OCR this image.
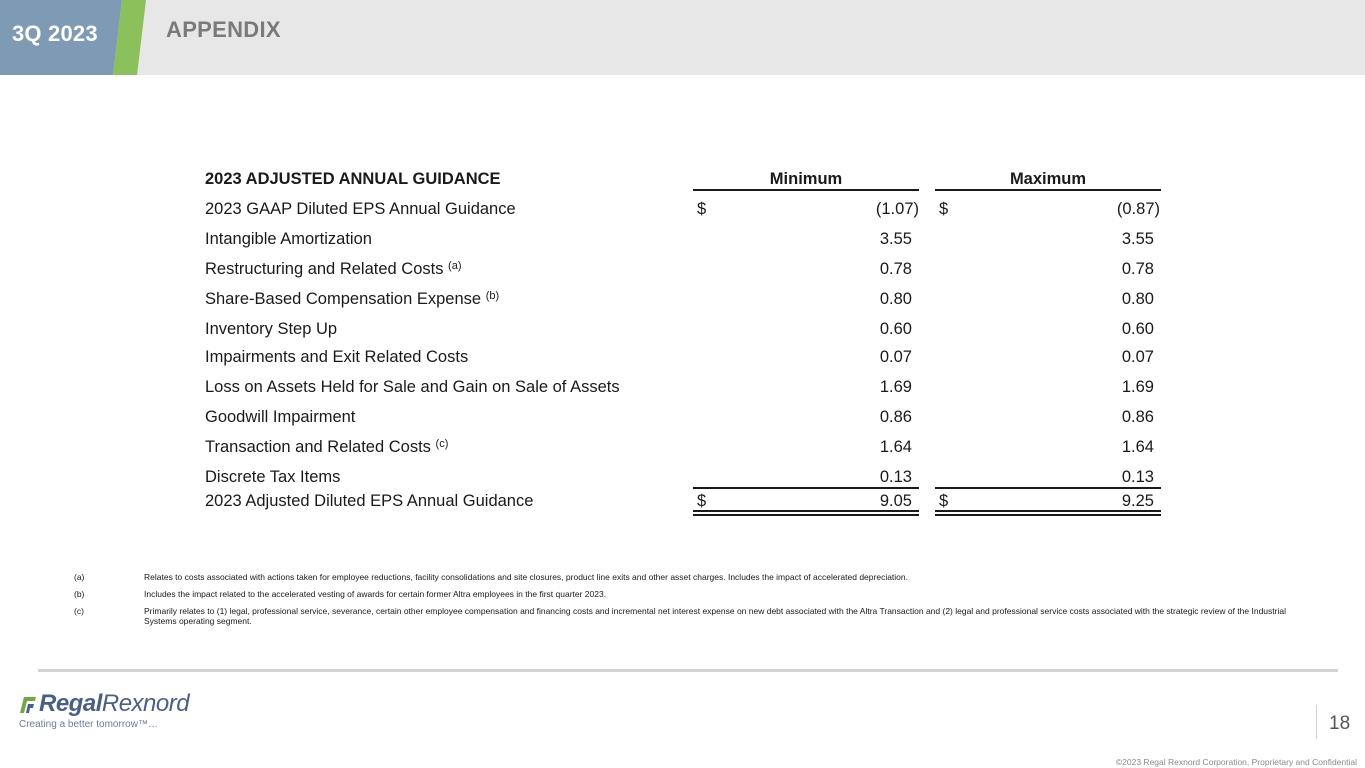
3Q 2023	APPENDIX
2023 ADJUSTED ANNUAL GUIDANCE	Minimum	Maximum
2023 GAAP Diluted EPS Annual Guidance	$	(1.07) $	(0.87)
Intangible Amortization	3.55	3.55
Restructuring and Related Costs $^{(a)}$	0.78	0.78
Share-Based Compensation Expense $^{(b)}$	0.80	0.80
Inventory Step Up	0.60	0.60
Impairments and Exit Related Costs	0.07	0.07
Loss on Assets Held for Sale and Gain on Sale of Assets	1.69	1.69
Goodwill Impairment	0.86	0.86
Transaction and Related Costs $^{(c)}$	1.64	1.64
Discrete Tax Items	0.13	0.13
2023 Adjusted Diluted EPS Annual Guidance	$	9.05 $	9.25
(a)	Relates to costs associated with actions taken for employee reductions, facility consolidations and site closures, product line exits and other asset charges. Includes the impact of accelerated depreciation.
(b)	Includes the impact related to the accelerated vesting of awards for certain former Altra employees in the first quarter 2023.
(c)	Primarily relates to (1) legal, professional service, severance, certain other employee compensation and financing costs and incremental net interest expense on new debt associated with the Altra Transaction and (2) legal and professional service costs associated with the strategic review of the Industrial Systems operating segment.
RegalRexnord
Creating a better tomorrow™…	18
©2023 Regal Rexnord Corporation, Proprietary and Confidential
